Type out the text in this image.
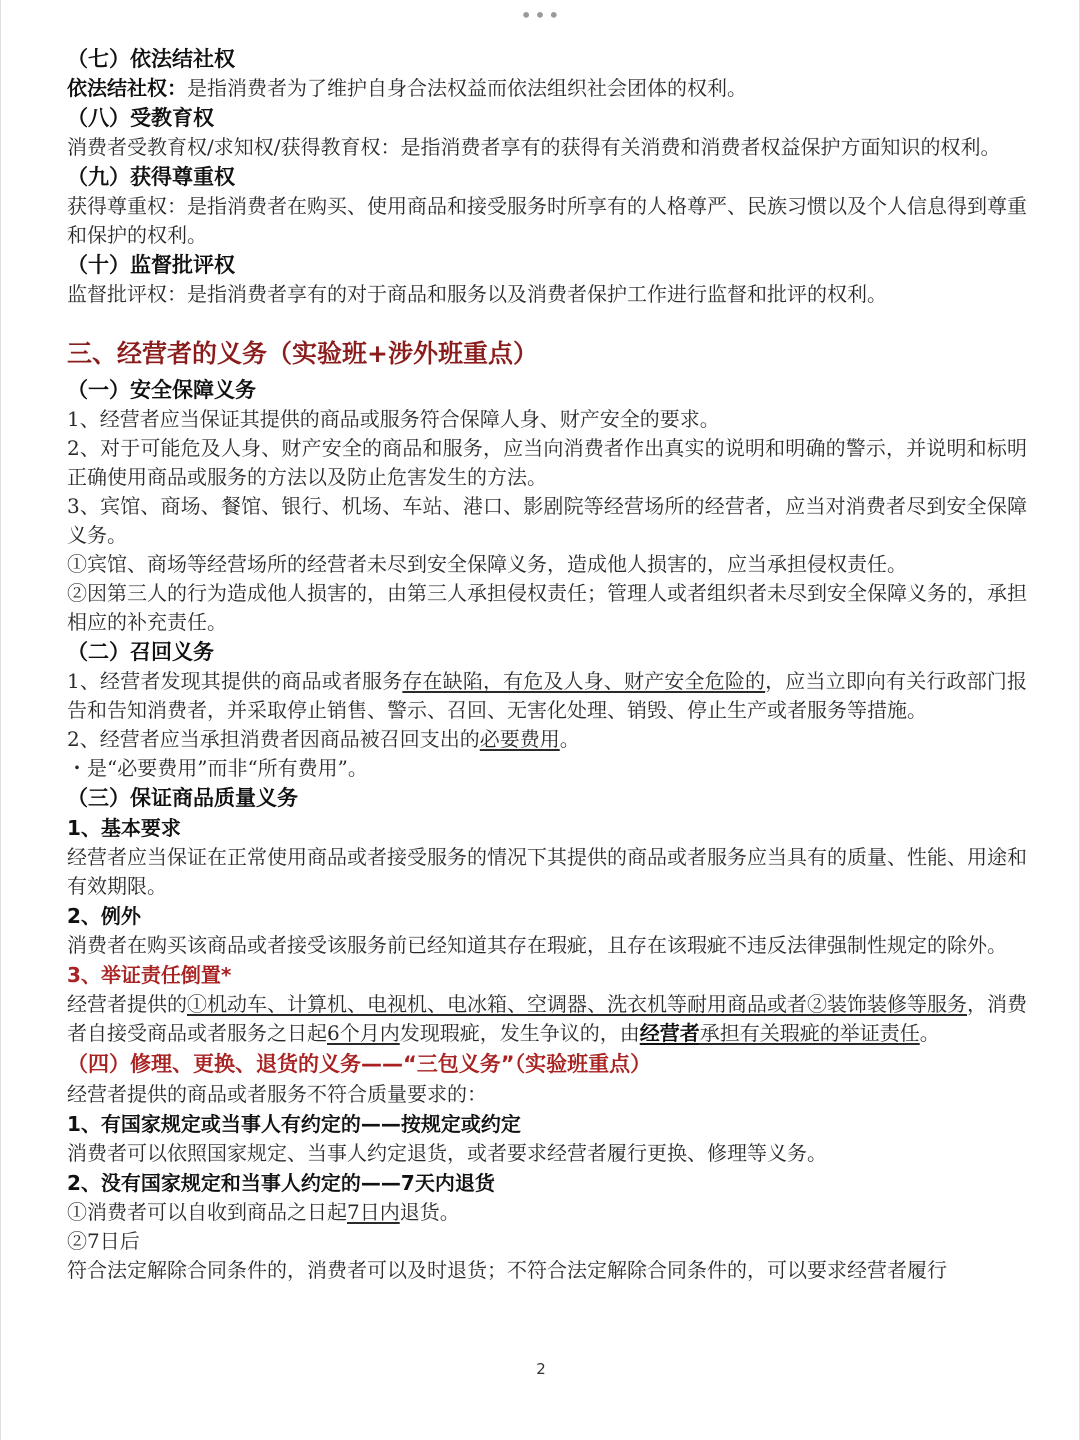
•••

（七）依法结社权

依法结社权：是指消费者为了维护自身合法权益而依法组织社会团体的权利。

（八）受教育权

消费者受教育权/求知权/获得教育权：是指消费者享有的获得有关消费和消费者权益保护方面知识的权利。

（九）获得尊重权

获得尊重权：是指消费者在购买、使用商品和接受服务时所享有的人格尊严、民族习惯以及个人信息得到尊重和保护的权利。

（十）监督批评权

监督批评权：是指消费者享有的对于商品和服务以及消费者保护工作进行监督和批评的权利。

三、经营者的义务（实验班+涉外班重点）

（一）安全保障义务

1、经营者应当保证其提供的商品或服务符合保障人身、财产安全的要求。

2、对于可能危及人身、财产安全的商品和服务，应当向消费者作出真实的说明和明确的警示，并说明和标明正确使用商品或服务的方法以及防止危害发生的方法。

3、宾馆、商场、餐馆、银行、机场、车站、港口、影剧院等经营场所的经营者，应当对消费者尽到安全保障义务。

①宾馆、商场等经营场所的经营者未尽到安全保障义务，造成他人损害的，应当承担侵权责任。

②因第三人的行为造成他人损害的，由第三人承担侵权责任；管理人或者组织者未尽到安全保障义务的，承担相应的补充责任。

（二）召回义务

1、经营者发现其提供的商品或者服务存在缺陷，有危及人身、财产安全危险的，应当立即向有关行政部门报告和告知消费者，并采取停止销售、警示、召回、无害化处理、销毁、停止生产或者服务等措施。

2、经营者应当承担消费者因商品被召回支出的必要费用。

・是“必要费用”而非“所有费用”。

（三）保证商品质量义务

1、基本要求

经营者应当保证在正常使用商品或者接受服务的情况下其提供的商品或者服务应当具有的质量、性能、用途和有效期限。

2、例外

消费者在购买该商品或者接受该服务前已经知道其存在瑕疵，且存在该瑕疵不违反法律强制性规定的除外。

3、举证责任倒置*

经营者提供的①机动车、计算机、电视机、电冰箱、空调器、洗衣机等耐用商品或者②装饰装修等服务，消费者自接受商品或者服务之日起6个月内发现瑕疵，发生争议的，由经营者承担有关瑕疵的举证责任。

（四）修理、更换、退货的义务——“三包义务”（实验班重点）

经营者提供的商品或者服务不符合质量要求的：

1、有国家规定或当事人有约定的——按规定或约定

消费者可以依照国家规定、当事人约定退货，或者要求经营者履行更换、修理等义务。

2、没有国家规定和当事人约定的——7天内退货

①消费者可以自收到商品之日起7日内退货。

②7日后

符合法定解除合同条件的，消费者可以及时退货；不符合法定解除合同条件的，可以要求经营者履行

2
